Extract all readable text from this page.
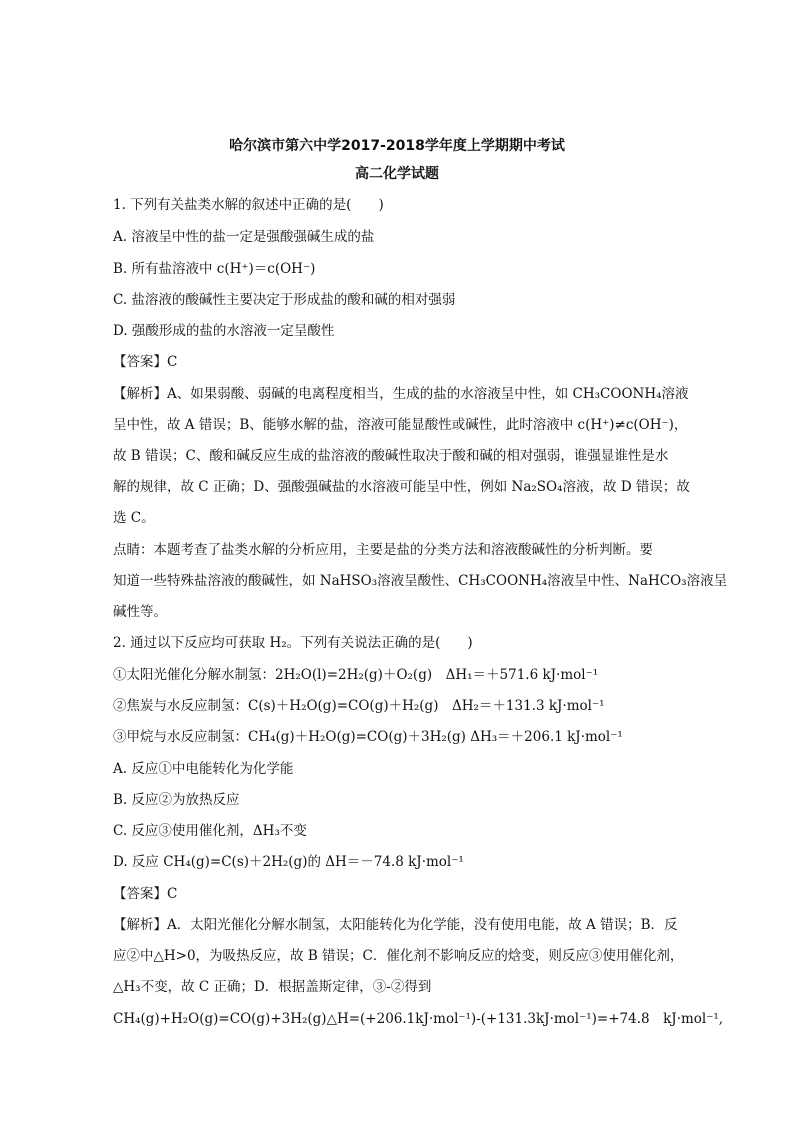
哈尔滨市第六中学2017-2018学年度上学期期中考试
高二化学试题
1. 下列有关盐类水解的叙述中正确的是(　　)
A. 溶液呈中性的盐一定是强酸强碱生成的盐
B. 所有盐溶液中 c(H⁺)＝c(OH⁻)
C. 盐溶液的酸碱性主要决定于形成盐的酸和碱的相对强弱
D. 强酸形成的盐的水溶液一定呈酸性
【答案】C
【解析】A、如果弱酸、弱碱的电离程度相当，生成的盐的水溶液呈中性，如 CH₃COONH₄溶液
呈中性，故 A 错误；B、能够水解的盐，溶液可能显酸性或碱性，此时溶液中 c(H⁺)≠c(OH⁻)，
故 B 错误；C、酸和碱反应生成的盐溶液的酸碱性取决于酸和碱的相对强弱，谁强显谁性是水
解的规律，故 C 正确；D、强酸强碱盐的水溶液可能呈中性，例如 Na₂SO₄溶液，故 D 错误；故
选 C。
点睛：本题考查了盐类水解的分析应用，主要是盐的分类方法和溶液酸碱性的分析判断。要
知道一些特殊盐溶液的酸碱性，如 NaHSO₃溶液呈酸性、CH₃COONH₄溶液呈中性、NaHCO₃溶液呈
碱性等。
2. 通过以下反应均可获取 H₂。下列有关说法正确的是(　　)
①太阳光催化分解水制氢：2H₂O(l)=2H₂(g)＋O₂(g)　ΔH₁＝＋571.6 kJ·mol⁻¹
②焦炭与水反应制氢：C(s)＋H₂O(g)=CO(g)＋H₂(g)　ΔH₂＝＋131.3 kJ·mol⁻¹
③甲烷与水反应制氢：CH₄(g)＋H₂O(g)=CO(g)＋3H₂(g) ΔH₃＝＋206.1 kJ·mol⁻¹
A. 反应①中电能转化为化学能
B. 反应②为放热反应
C. 反应③使用催化剂，ΔH₃不变
D. 反应 CH₄(g)=C(s)＋2H₂(g)的 ΔH＝－74.8 kJ·mol⁻¹
【答案】C
【解析】A．太阳光催化分解水制氢，太阳能转化为化学能，没有使用电能，故 A 错误；B．反
应②中△H>0，为吸热反应，故 B 错误；C．催化剂不影响反应的焓变，则反应③使用催化剂，
△H₃不变，故 C 正确；D．根据盖斯定律，③-②得到
CH₄(g)+H₂O(g)=CO(g)+3H₂(g)△H=(+206.1kJ·mol⁻¹)-(+131.3kJ·mol⁻¹)=+74.8　kJ·mol⁻¹,
